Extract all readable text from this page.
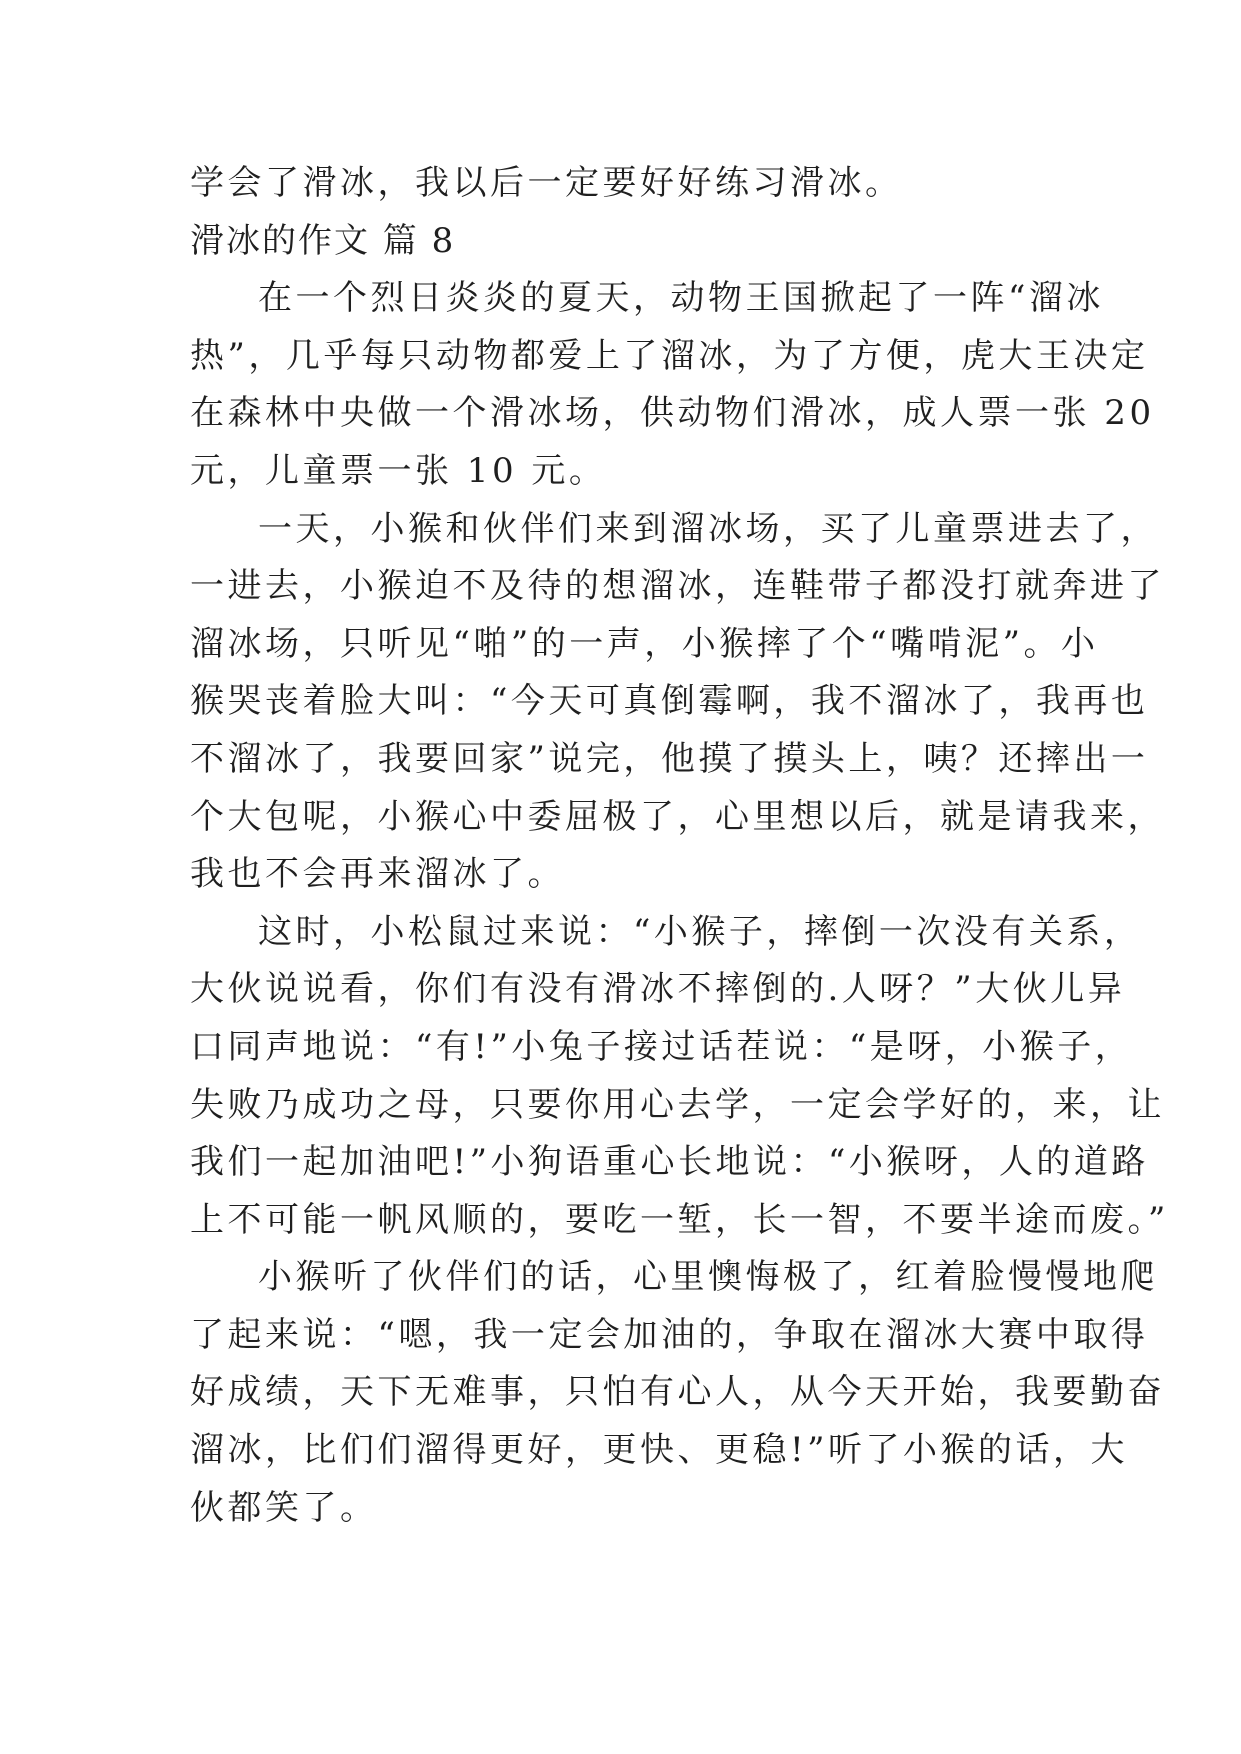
学会了滑冰，我以后一定要好好练习滑冰。
滑冰的作文 篇 8
在一个烈日炎炎的夏天，动物王国掀起了一阵“溜冰
热”，几乎每只动物都爱上了溜冰，为了方便，虎大王决定
在森林中央做一个滑冰场，供动物们滑冰，成人票一张 20
元，儿童票一张 10 元。
一天，小猴和伙伴们来到溜冰场，买了儿童票进去了，
一进去，小猴迫不及待的想溜冰，连鞋带子都没打就奔进了
溜冰场，只听见“啪”的一声，小猴摔了个“嘴啃泥”。小
猴哭丧着脸大叫：“今天可真倒霉啊，我不溜冰了，我再也
不溜冰了，我要回家”说完，他摸了摸头上，咦？还摔出一
个大包呢，小猴心中委屈极了，心里想以后，就是请我来，
我也不会再来溜冰了。
这时，小松鼠过来说：“小猴子，摔倒一次没有关系，
大伙说说看，你们有没有滑冰不摔倒的.人呀？”大伙儿异
口同声地说：“有!”小兔子接过话茬说：“是呀，小猴子，
失败乃成功之母，只要你用心去学，一定会学好的，来，让
我们一起加油吧!”小狗语重心长地说：“小猴呀，人的道路
上不可能一帆风顺的，要吃一堑，长一智，不要半途而废。”
小猴听了伙伴们的话，心里懊悔极了，红着脸慢慢地爬
了起来说：“嗯，我一定会加油的，争取在溜冰大赛中取得
好成绩，天下无难事，只怕有心人，从今天开始，我要勤奋
溜冰，比们们溜得更好，更快、更稳!”听了小猴的话，大
伙都笑了。
